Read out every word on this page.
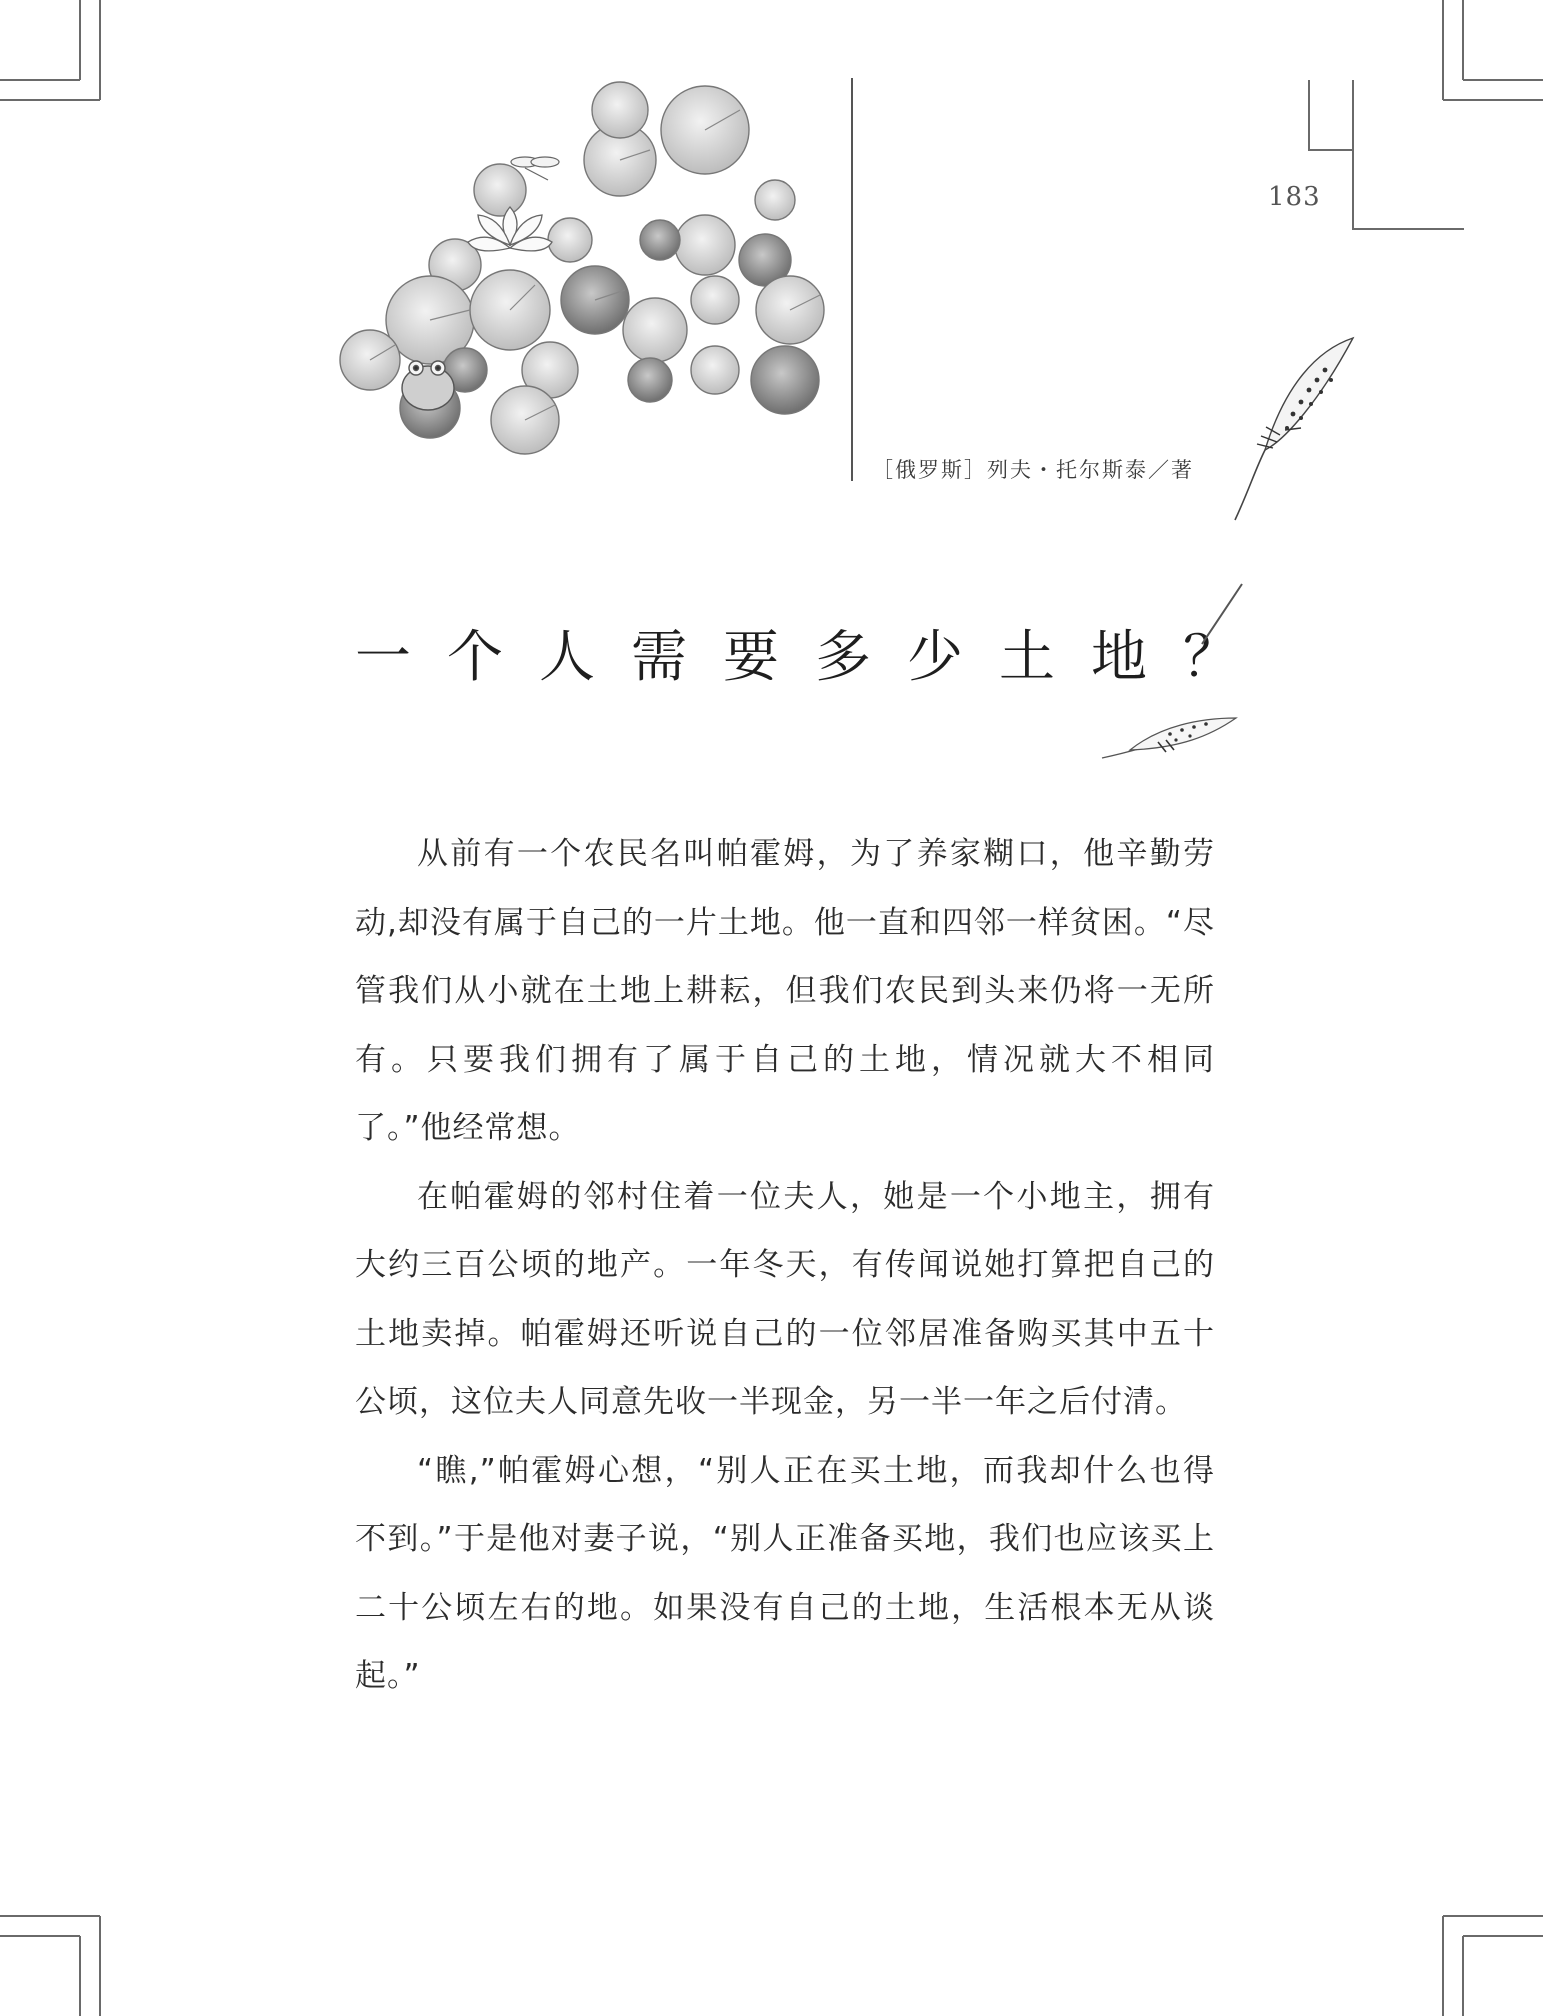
183
［俄罗斯］列夫・托尔斯泰／著
一个人需要多少土地？

从前有一个农民名叫帕霍姆，为了养家糊口，他辛勤劳动,却没有属于自己的一片土地。他一直和四邻一样贫困。“尽管我们从小就在土地上耕耘，但我们农民到头来仍将一无所有。只要我们拥有了属于自己的土地，情况就大不相同了。”他经常想。

在帕霍姆的邻村住着一位夫人，她是一个小地主，拥有大约三百公顷的地产。一年冬天，有传闻说她打算把自己的土地卖掉。帕霍姆还听说自己的一位邻居准备购买其中五十公顷，这位夫人同意先收一半现金，另一半一年之后付清。

“瞧,”帕霍姆心想，“别人正在买土地，而我却什么也得不到。”于是他对妻子说，“别人正准备买地，我们也应该买上二十公顷左右的地。如果没有自己的土地，生活根本无从谈起。”
